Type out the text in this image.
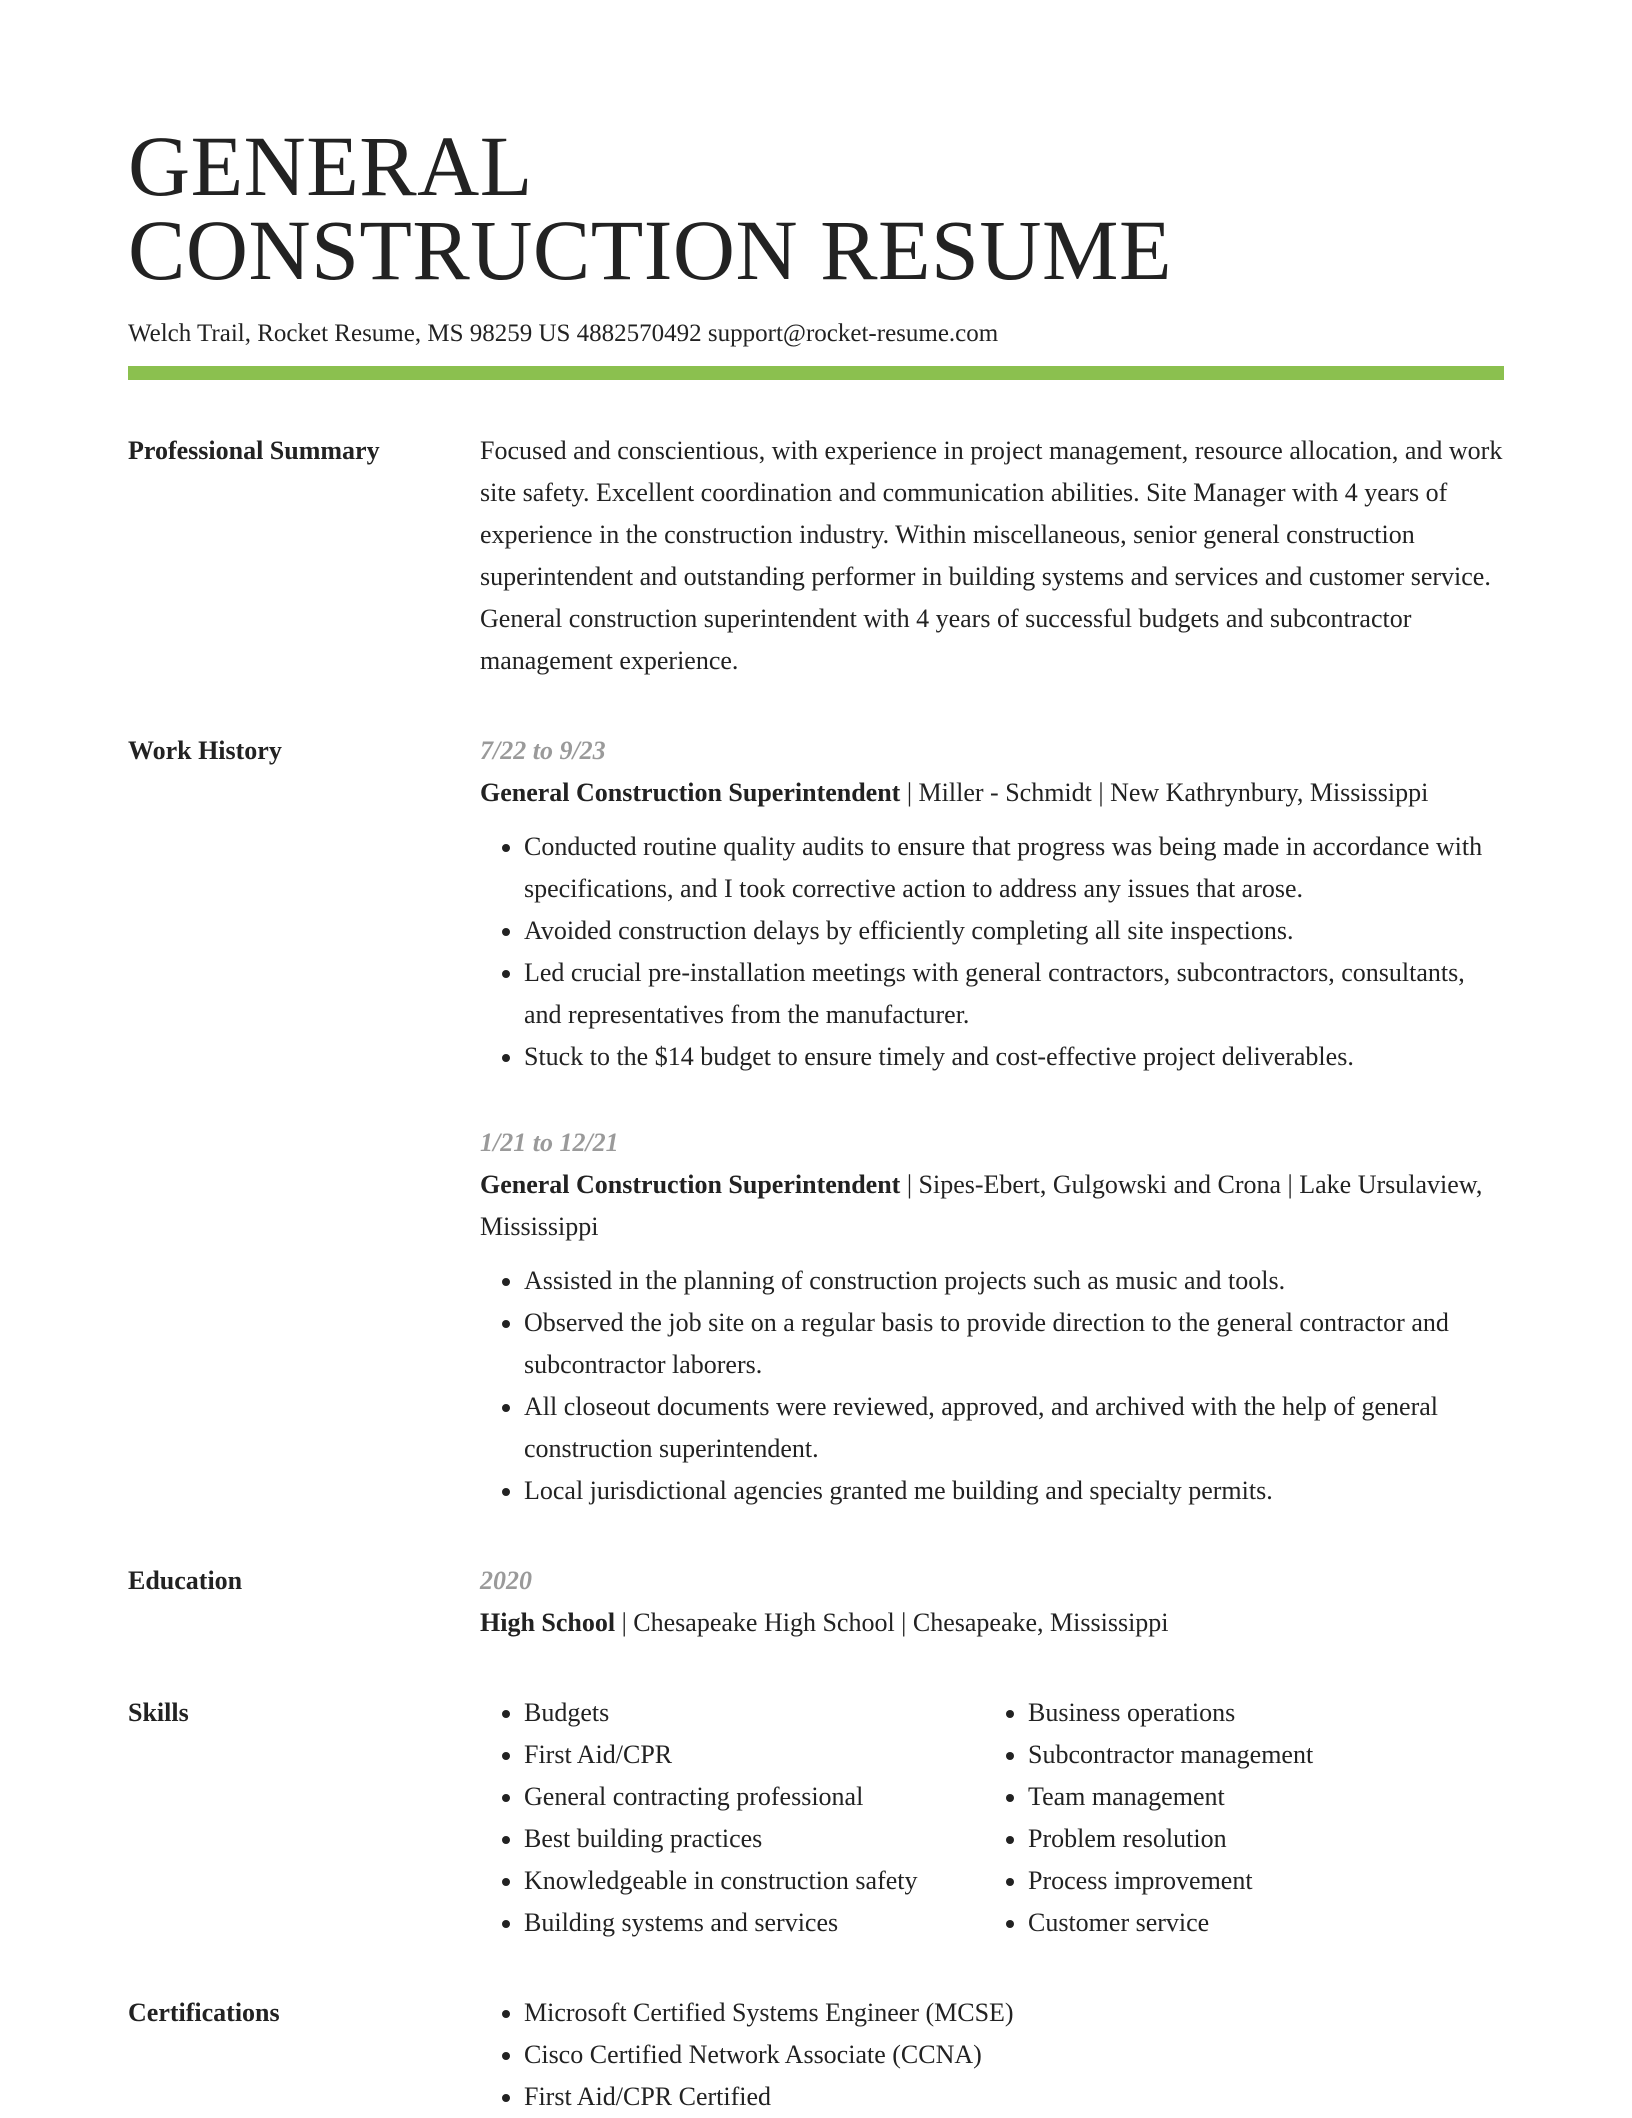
GENERAL
CONSTRUCTION RESUME
Welch Trail, Rocket Resume, MS 98259 US 4882570492 support@rocket-resume.com
Professional Summary	Focused and conscientious, with experience in project management, resource allocation, and work site safety. Excellent coordination and communication abilities. Site Manager with 4 years of experience in the construction industry. Within miscellaneous, senior general construction superintendent and outstanding performer in building systems and services and customer service. General construction superintendent with 4 years of successful budgets and subcontractor management experience.

Work History	7/22 to 9/23

General Construction Superintendent | Miller - Schmidt | New Kathrynbury, Mississippi

• Conducted routine quality audits to ensure that progress was being made in accordance with specifications, and I took corrective action to address any issues that arose.
• Avoided construction delays by efficiently completing all site inspections.
• Led crucial pre-installation meetings with general contractors, subcontractors, consultants, and representatives from the manufacturer.
• Stuck to the $14 budget to ensure timely and cost-effective project deliverables.
1/21 to 12/21

General Construction Superintendent | Sipes-Ebert, Gulgowski and Crona | Lake Ursulaview, Mississippi

• Assisted in the planning of construction projects such as music and tools.
• Observed the job site on a regular basis to provide direction to the general contractor and subcontractor laborers.
• All closeout documents were reviewed, approved, and archived with the help of general construction superintendent.
• Local jurisdictional agencies granted me building and specialty permits.
Education	2020

High School | Chesapeake High School | Chesapeake, Mississippi

Skills	• Budgets
• First Aid/CPR
• General contracting professional
• Best building practices
• Knowledgeable in construction safety
• Building systems and services
• Business operations
• Subcontractor management
• Team management
• Problem resolution
• Process improvement
• Customer service
Certifications	• Microsoft Certified Systems Engineer (MCSE)
• Cisco Certified Network Associate (CCNA)
• First Aid/CPR Certified
